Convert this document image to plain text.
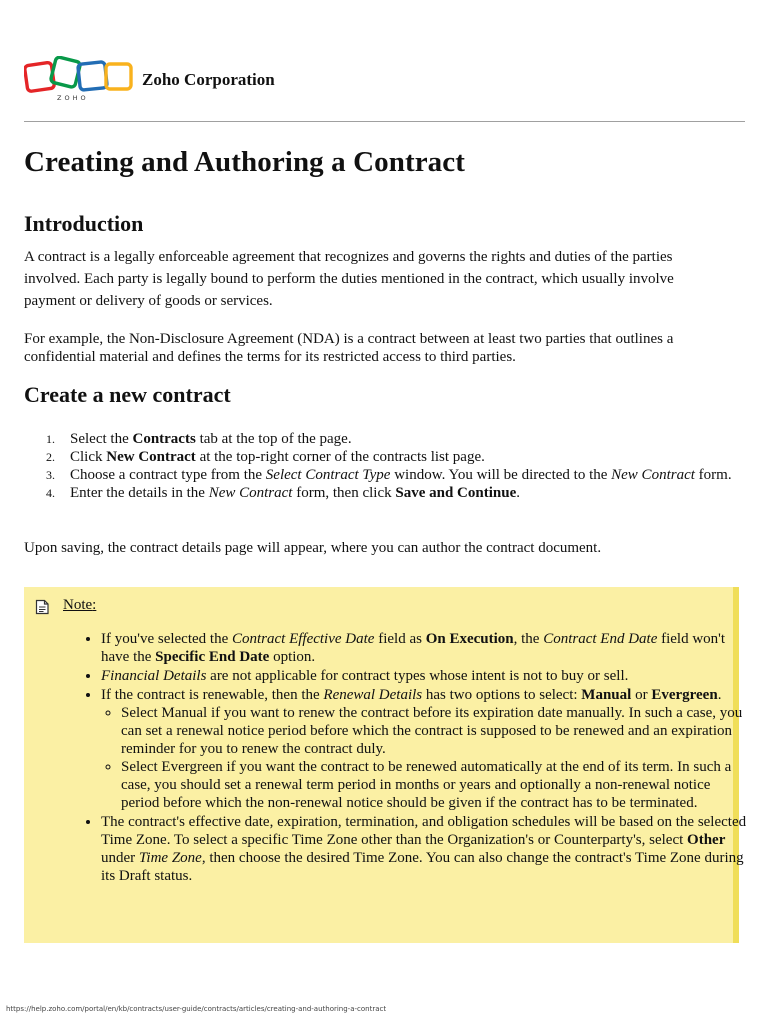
ZOHO
Zoho Corporation
Creating and Authoring a Contract
Introduction

A contract is a legally enforceable agreement that recognizes and governs the rights and duties of the parties involved. Each party is legally bound to perform the duties mentioned in the contract, which usually involve payment or delivery of goods or services.

For example, the Non-Disclosure Agreement (NDA) is a contract between at least two parties that outlines a confidential material and defines the terms for its restricted access to third parties.

Create a new contract
1. Select the Contracts tab at the top of the page.
2. Click New Contract at the top-right corner of the contracts list page.
3. Choose a contract type from the Select Contract Type window. You will be directed to the New Contract form.
4. Enter the details in the New Contract form, then click Save and Continue.

Upon saving, the contract details page will appear, where you can author the contract document.

Note:
• If you've selected the Contract Effective Date field as On Execution, the Contract End Date field won't have the Specific End Date option.
• Financial Details are not applicable for contract types whose intent is not to buy or sell.
• If the contract is renewable, then the Renewal Details has two options to select: Manual or Evergreen.
◦ Select Manual if you want to renew the contract before its expiration date manually. In such a case, you can set a renewal notice period before which the contract is supposed to be renewed and an expiration reminder for you to renew the contract duly.
◦ Select Evergreen if you want the contract to be renewed automatically at the end of its term. In such a case, you should set a renewal term period in months or years and optionally a non-renewal notice period before which the non-renewal notice should be given if the contract has to be terminated.
• The contract's effective date, expiration, termination, and obligation schedules will be based on the selected Time Zone. To select a specific Time Zone other than the Organization's or Counterparty's, select Other under Time Zone, then choose the desired Time Zone. You can also change the contract's Time Zone during its Draft status.
https://help.zoho.com/portal/en/kb/contracts/user-guide/contracts/articles/creating-and-authoring-a-contract
